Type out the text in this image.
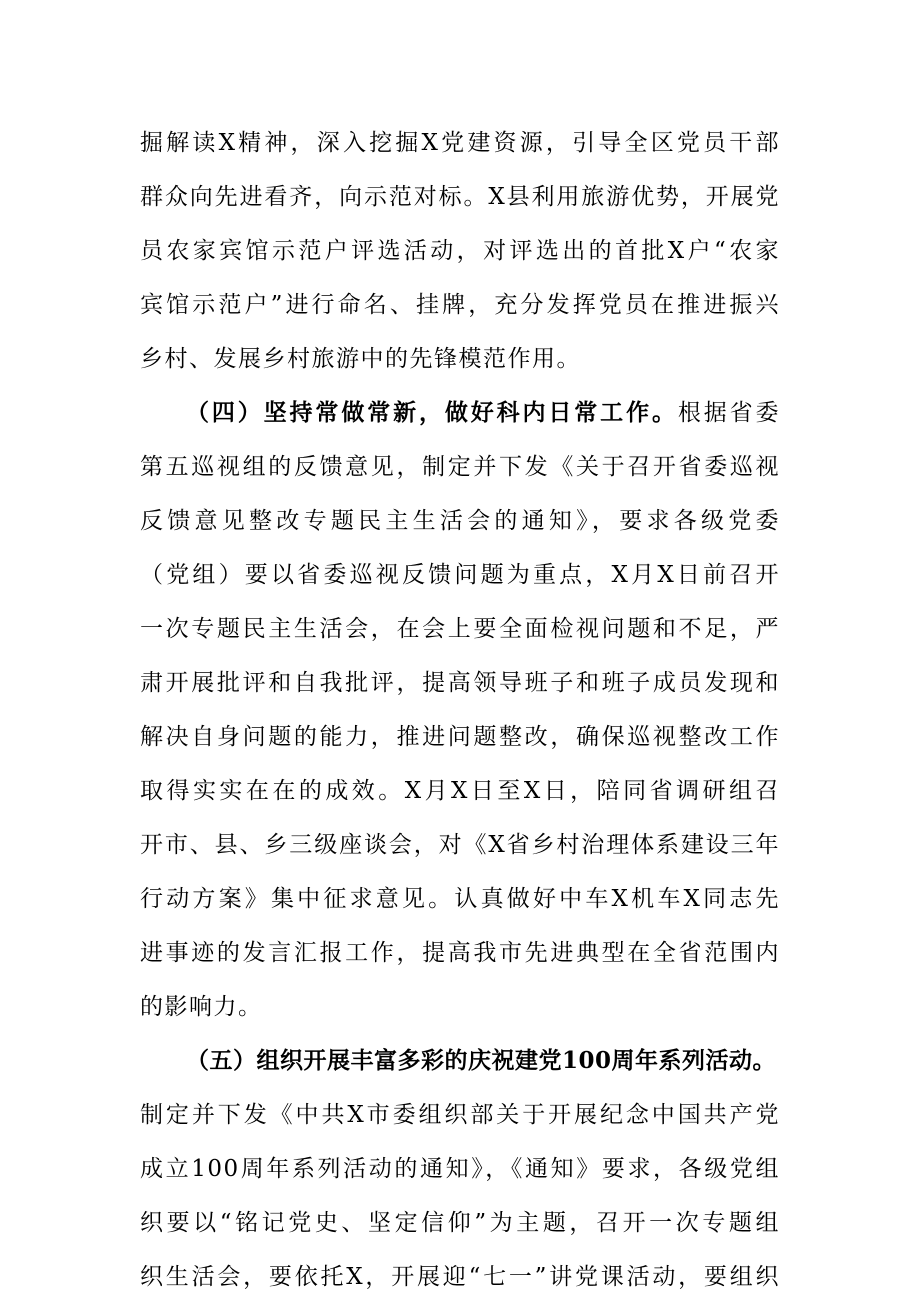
掘解读X精神，深入挖掘X党建资源，引导全区党员干部
群众向先进看齐，向示范对标。X县利用旅游优势，开展党
员农家宾馆示范户评选活动，对评选出的首批X户“农家
宾馆示范户”进行命名、挂牌，充分发挥党员在推进振兴
乡村、发展乡村旅游中的先锋模范作用。
（四）坚持常做常新，做好科内日常工作。根据省委
第五巡视组的反馈意见，制定并下发《关于召开省委巡视
反馈意见整改专题民主生活会的通知》，要求各级党委
（党组）要以省委巡视反馈问题为重点，X月X日前召开
一次专题民主生活会，在会上要全面检视问题和不足，严
肃开展批评和自我批评，提高领导班子和班子成员发现和
解决自身问题的能力，推进问题整改，确保巡视整改工作
取得实实在在的成效。X月X日至X日，陪同省调研组召
开市、县、乡三级座谈会，对《X省乡村治理体系建设三年
行动方案》集中征求意见。认真做好中车X机车X同志先
进事迹的发言汇报工作，提高我市先进典型在全省范围内
的影响力。
（五）组织开展丰富多彩的庆祝建党100周年系列活动。
制定并下发《中共X市委组织部关于开展纪念中国共产党
成立100周年系列活动的通知》，《通知》要求，各级党组
织要以“铭记党史、坚定信仰”为主题，召开一次专题组
织生活会，要依托X，开展迎“七一”讲党课活动，要组织
